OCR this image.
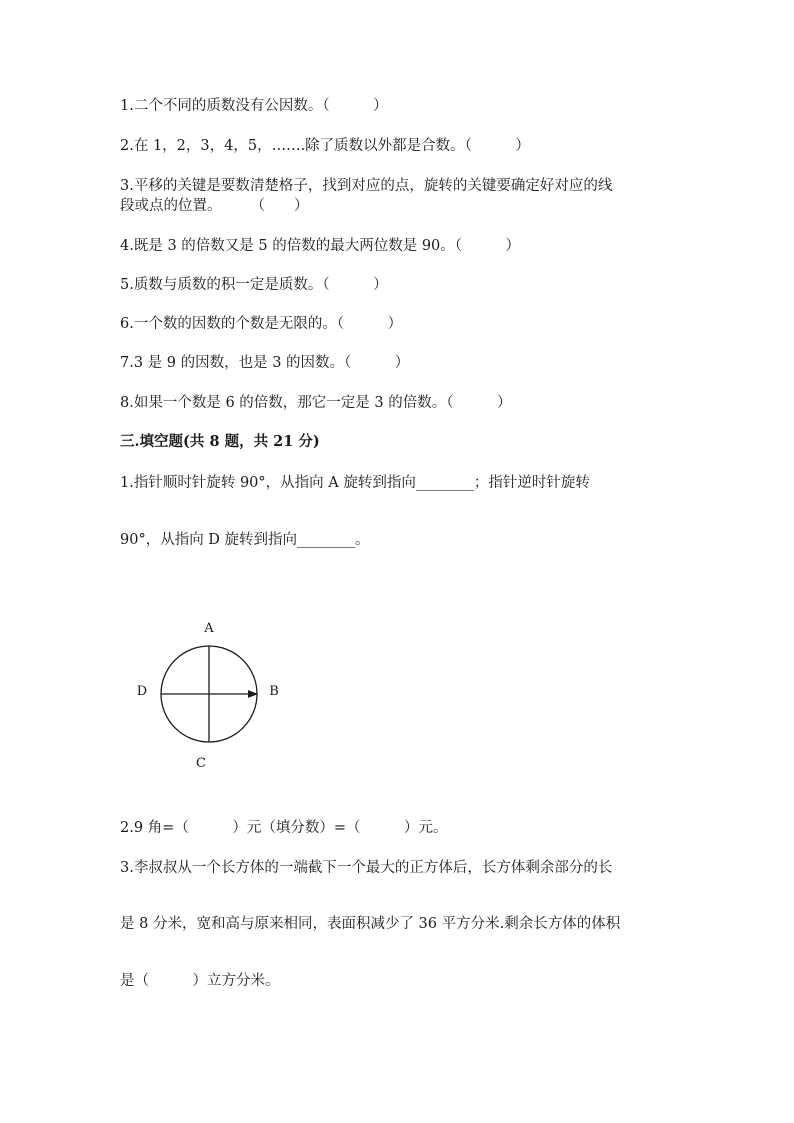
1.二个不同的质数没有公因数。（　　　）
2.在 1，2，3，4，5，…….除了质数以外都是合数。（　　　）
3.平移的关键是要数清楚格子，找到对应的点，旋转的关键要确定好对应的线
段或点的位置。　　　（　　）
4.既是 3 的倍数又是 5 的倍数的最大两位数是 90。（　　　）
5.质数与质数的积一定是质数。（　　　）
6.一个数的因数的个数是无限的。（　　　）
7.3 是 9 的因数，也是 3 的因数。（　　　）
8.如果一个数是 6 的倍数，那它一定是 3 的倍数。（　　　）
三.填空题(共 8 题，共 21 分)
1.指针顺时针旋转 90°，从指向 A 旋转到指向________；指针逆时针旋转
90°，从指向 D 旋转到指向________。
A
B
C
D
2.9 角=（　　　）元（填分数）=（　　　）元。
3.李叔叔从一个长方体的一端截下一个最大的正方体后，长方体剩余部分的长
是 8 分米，宽和高与原来相同，表面积减少了 36 平方分米.剩余长方体的体积
是（　　　）立方分米。
